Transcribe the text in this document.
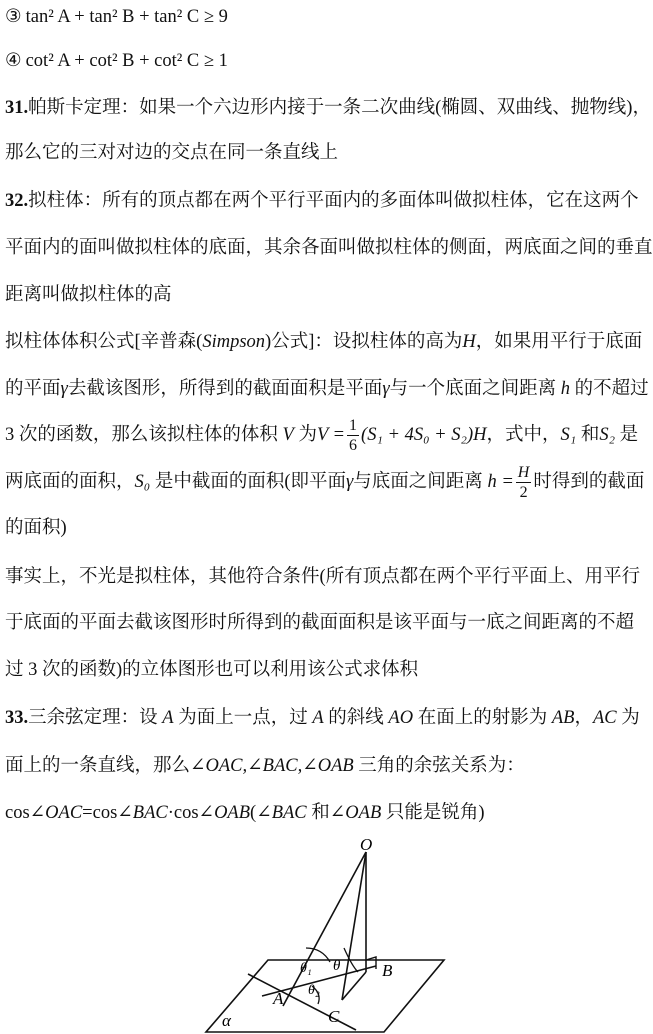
③ tan² A + tan² B + tan² C ≥ 9
④ cot² A + cot² B + cot² C ≥ 1
31.帕斯卡定理：如果一个六边形内接于一条二次曲线(椭圆、双曲线、抛物线)，
那么它的三对对边的交点在同一条直线上
32.拟柱体：所有的顶点都在两个平行平面内的多面体叫做拟柱体，它在这两个
平面内的面叫做拟柱体的底面，其余各面叫做拟柱体的侧面，两底面之间的垂直
距离叫做拟柱体的高
拟柱体体积公式[辛普森(Simpson)公式]：设拟柱体的高为H，如果用平行于底面
的平面γ去截该图形，所得到的截面面积是平面γ与一个底面之间距离 h 的不超过
3 次的函数，那么该拟柱体的体积 V 为$V = \frac{1}{6} (S_1 + 4S_0 + S_2)H$，式中，S₁ 和S₂ 是
两底面的面积，S₀ 是中截面的面积(即平面γ与底面之间距离 $h = \frac{H}{2}$ 时得到的截面
的面积)
事实上，不光是拟柱体，其他符合条件(所有顶点都在两个平行平面上、用平行
于底面的平面去截该图形时所得到的截面面积是该平面与一底之间距离的不超
过 3 次的函数)的立体图形也可以利用该公式求体积
33.三余弦定理：设 A 为面上一点，过 A 的斜线 AO 在面上的射影为 AB，AC 为
面上的一条直线，那么∠OAC,∠BAC,∠OAB 三角的余弦关系为：
cos∠OAC=cos∠BAC·cos∠OAB(∠BAC 和∠OAB 只能是锐角)
O
A
B
C
α
θ₁ θ
θ₂
